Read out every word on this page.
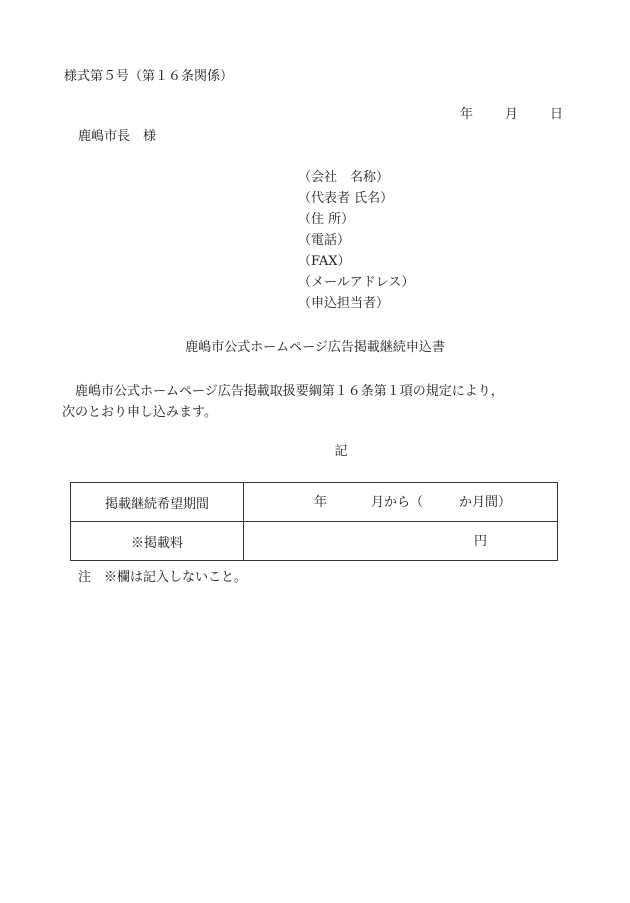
様式第５号（第１６条関係）
年 月 日
鹿嶋市長　様
（会社　名称）
（代表者 氏名）
（住 所）
（電話）
（FAX）
（メールアドレス）
（申込担当者）
鹿嶋市公式ホームページ広告掲載継続申込書
鹿嶋市公式ホームページ広告掲載取扱要綱第１６条第１項の規定により，
次のとおり申し込みます。
記
掲載継続希望期間	年 月から（ か月間）

※掲載料	円
注　※欄は記入しないこと。
